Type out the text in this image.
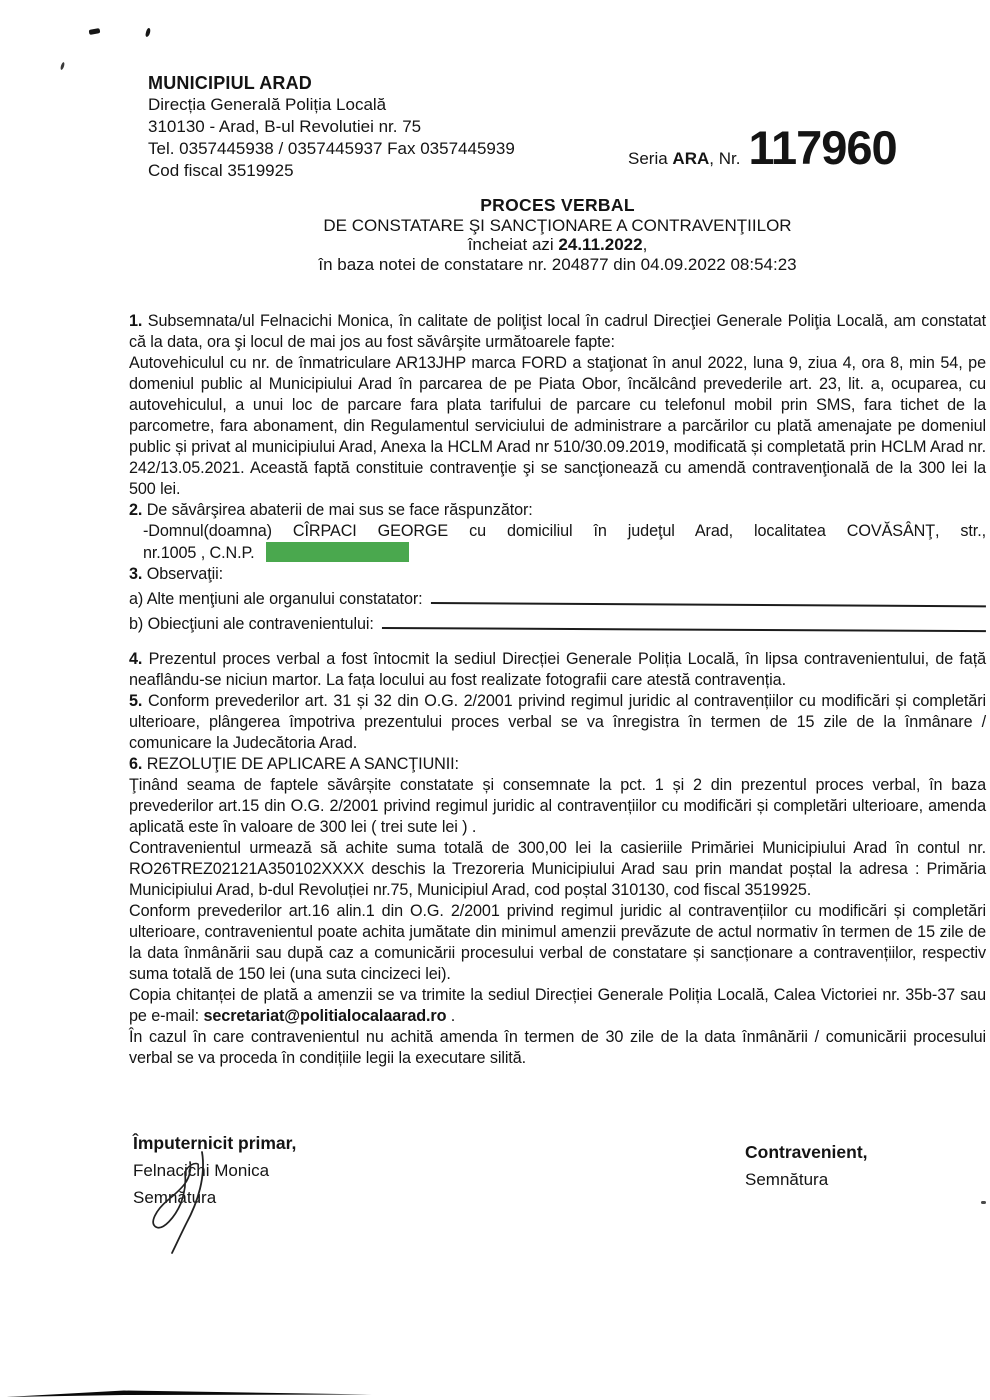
MUNICIPIUL ARAD
Direcția Generală Poliția Locală
310130 - Arad, B-ul Revolutiei nr. 75
Tel. 0357445938 / 0357445937 Fax 0357445939
Cod fiscal 3519925
Seria ARA, Nr. 117960
PROCES VERBAL
DE CONSTATARE ŞI SANCŢIONARE A CONTRAVENŢIILOR
încheiat azi 24.11.2022,
în baza notei de constatare nr. 204877 din 04.09.2022 08:54:23

1. Subsemnata/ul Felnacichi Monica, în calitate de poliţist local în cadrul Direcţiei Generale Poliţia Locală, am constatat că la data, ora şi locul de mai jos au fost săvârşite următoarele fapte:

Autovehiculul cu nr. de înmatriculare AR13JHP marca FORD a staţionat în anul 2022, luna 9, ziua 4, ora 8, min 54, pe domeniul public al Municipiului Arad în parcarea de pe Piata Obor, încălcând prevederile art. 23, lit. a, ocuparea, cu autovehiculul, a unui loc de parcare fara plata tarifului de parcare cu telefonul mobil prin SMS, fara tichet de la parcometre, fara abonament, din Regulamentul serviciului de administrare a parcărilor cu plată amenajate pe domeniul public și privat al municipiului Arad, Anexa la HCLM Arad nr 510/30.09.2019, modificată și completată prin HCLM Arad nr. 242/13.05.2021. Această faptă constituie contravenţie şi se sancţionează cu amendă contravenţională de la 300 lei la 500 lei.

2. De săvârşirea abaterii de mai sus se face răspunzător:

-Domnul(doamna) CÎRPACI GEORGE cu domiciliul în judeţul Arad, localitatea COVĂSÂNŢ, str.,

nr.1005 , C.N.P.

3. Observaţii:

a) Alte menţiuni ale organului constatator:
b) Obiecţiuni ale contravenientului:

4. Prezentul proces verbal a fost întocmit la sediul Direcției Generale Poliția Locală, în lipsa contravenientului, de față neaflându-se niciun martor. La fața locului au fost realizate fotografii care atestă contravenția.

5. Conform prevederilor art. 31 și 32 din O.G. 2/2001 privind regimul juridic al contravențiilor cu modificări și completări ulterioare, plângerea împotriva prezentului proces verbal se va înregistra în termen de 15 zile de la înmânare / comunicare la Judecătoria Arad.

6. REZOLUŢIE DE APLICARE A SANCŢIUNII:

Ţinând seama de faptele săvârșite constatate și consemnate la pct. 1 și 2 din prezentul proces verbal, în baza prevederilor art.15 din O.G. 2/2001 privind regimul juridic al contravențiilor cu modificări și completări ulterioare, amenda aplicată este în valoare de 300 lei ( trei sute lei ) .

Contravenientul urmează să achite suma totală de 300,00 lei la casieriile Primăriei Municipiului Arad în contul nr. RO26TREZ02121A350102XXXX deschis la Trezoreria Municipiului Arad sau prin mandat poștal la adresa : Primăria Municipiului Arad, b-dul Revoluției nr.75, Municipiul Arad, cod poștal 310130, cod fiscal 3519925.

Conform prevederilor art.16 alin.1 din O.G. 2/2001 privind regimul juridic al contravențiilor cu modificări și completări ulterioare, contravenientul poate achita jumătate din minimul amenzii prevăzute de actul normativ în termen de 15 zile de la data înmânării sau după caz a comunicării procesului verbal de constatare și sancționare a contravențiilor, respectiv suma totală de 150 lei (una suta cincizeci lei).

Copia chitanței de plată a amenzii se va trimite la sediul Direcției Generale Poliția Locală, Calea Victoriei nr. 35b-37 sau pe e-mail: secretariat@politialocalaarad.ro .

În cazul în care contravenientul nu achită amenda în termen de 30 zile de la data înmânării / comunicării procesului verbal se va proceda în condițiile legii la executare silită.

Împuternicit primar,
Felnacichi Monica
Semnătura
Contravenient,
Semnătura
